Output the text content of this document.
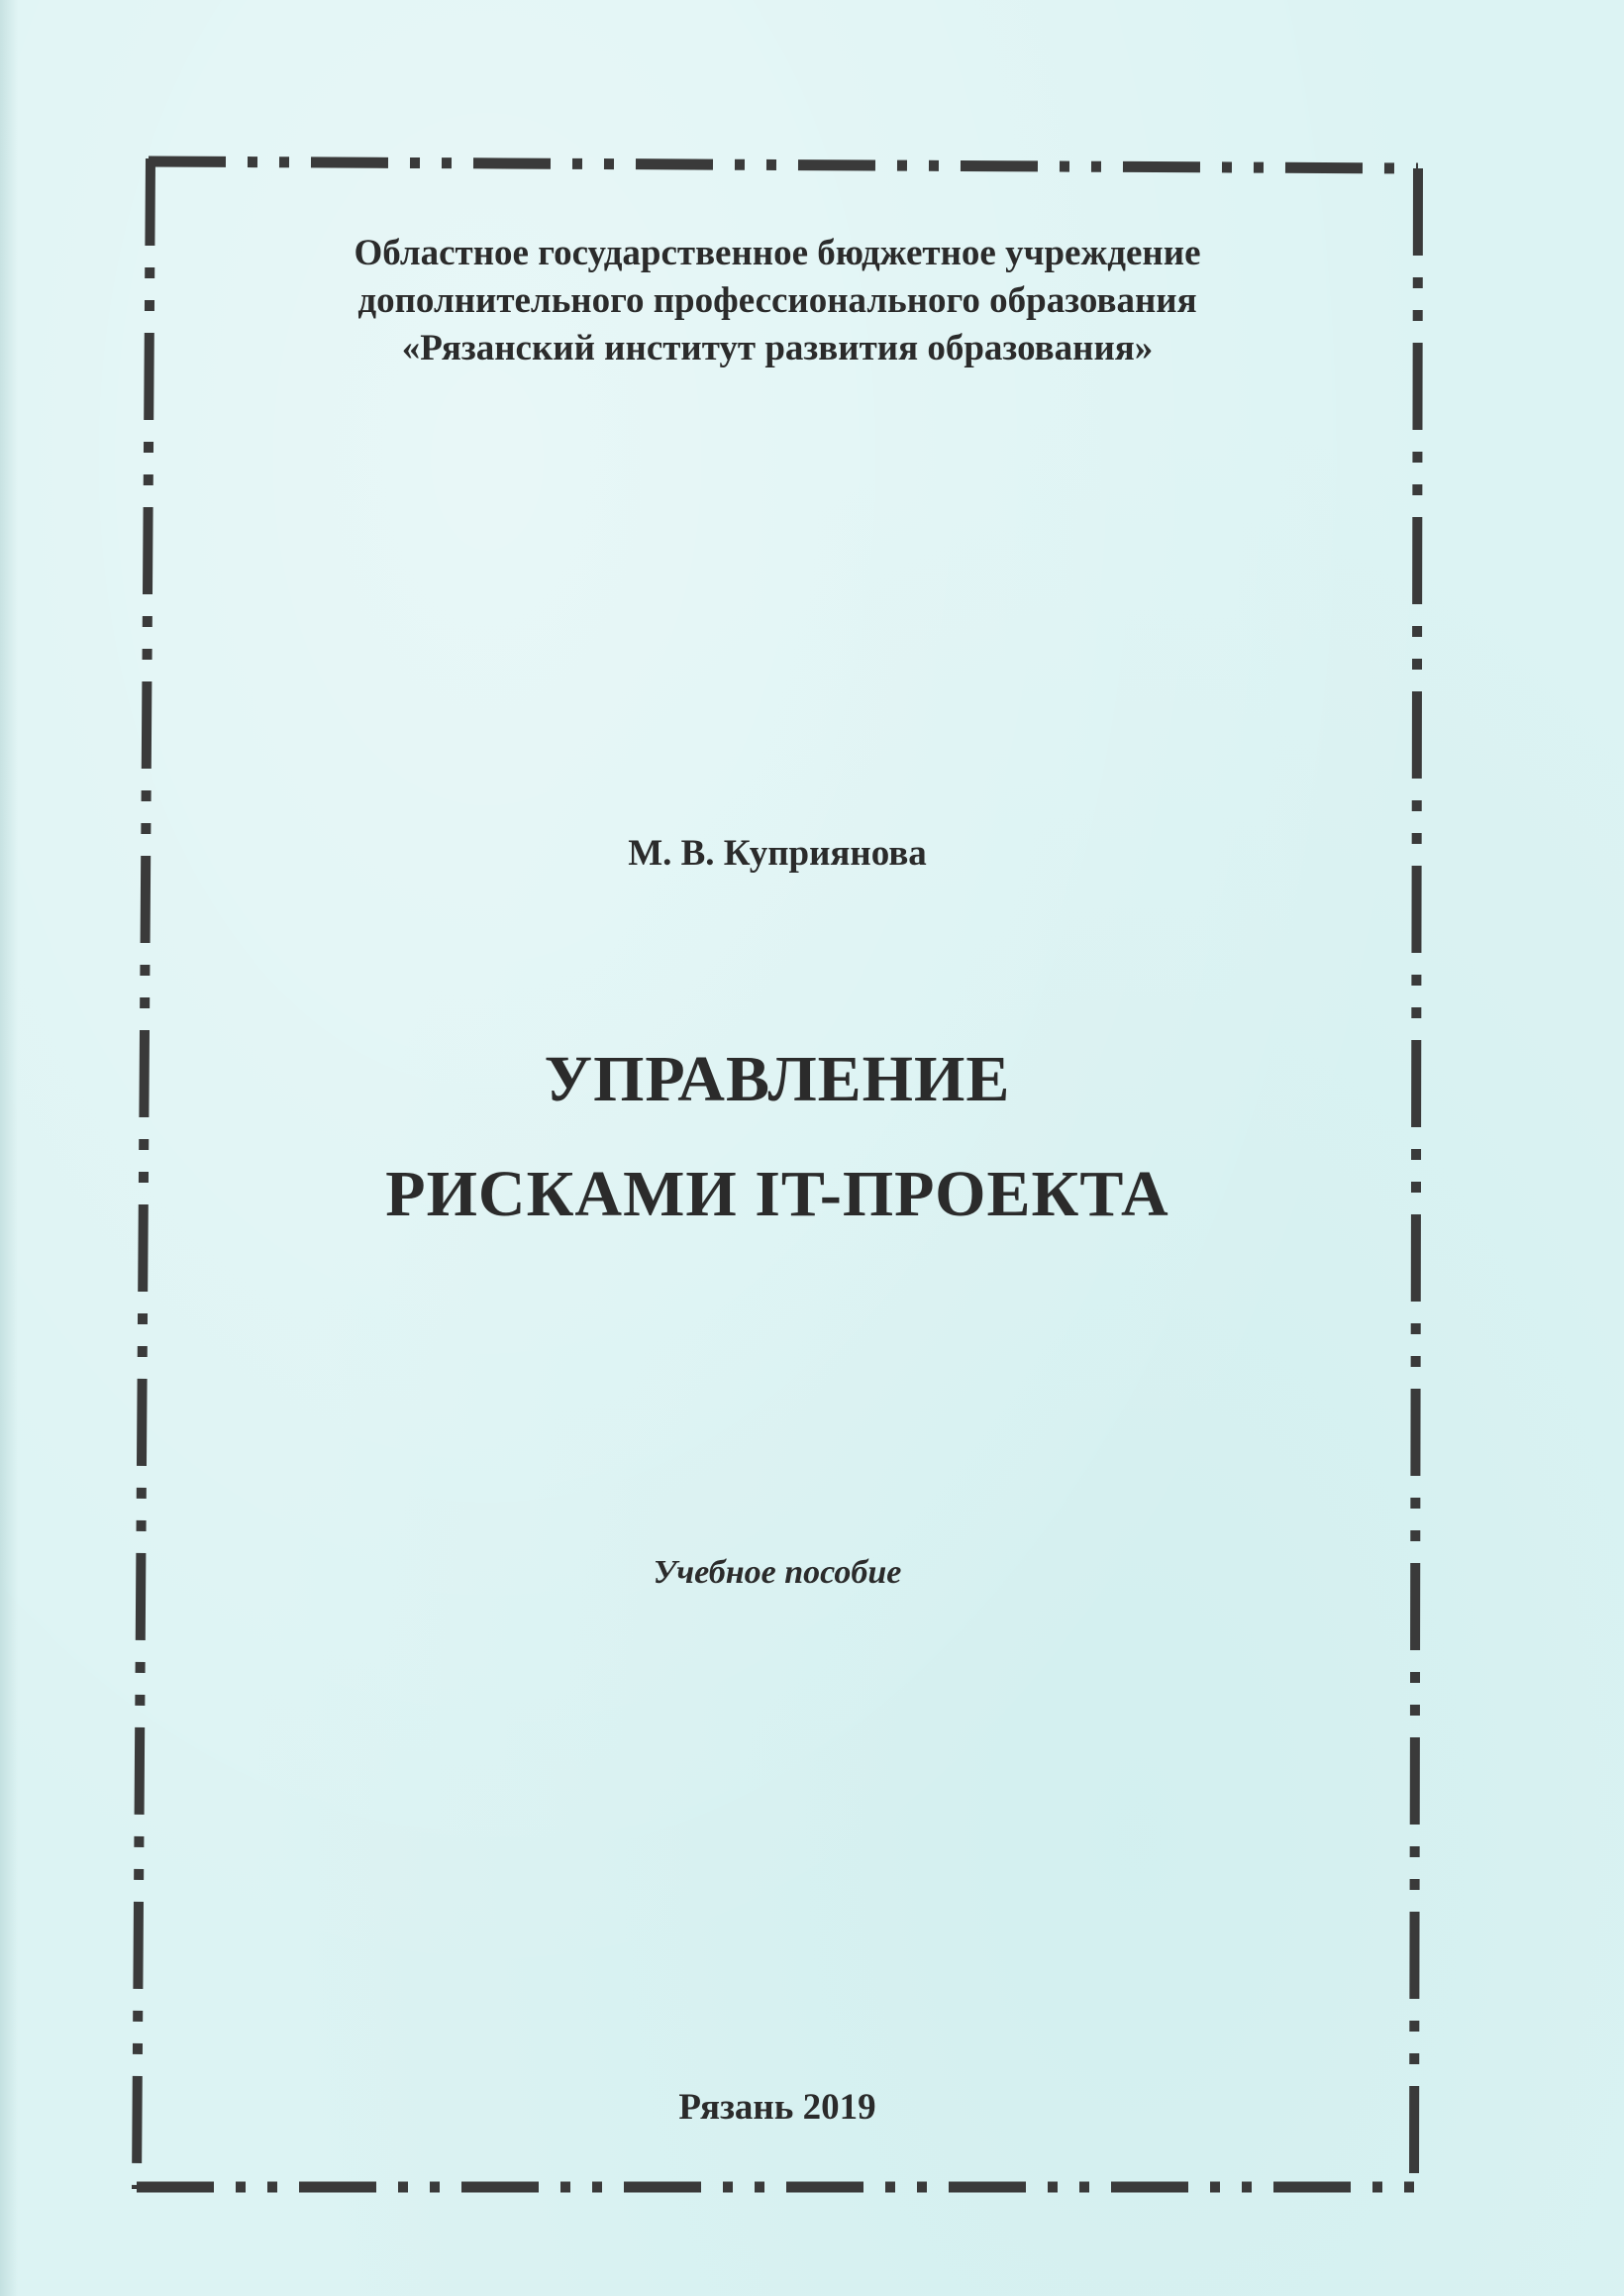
Областное государственное бюджетное учреждение
дополнительного профессионального образования
«Рязанский институт развития образования»
М. В. Куприянова
УПРАВЛЕНИЕ
РИСКАМИ IT-ПРОЕКТА
Учебное пособие
Рязань 2019
